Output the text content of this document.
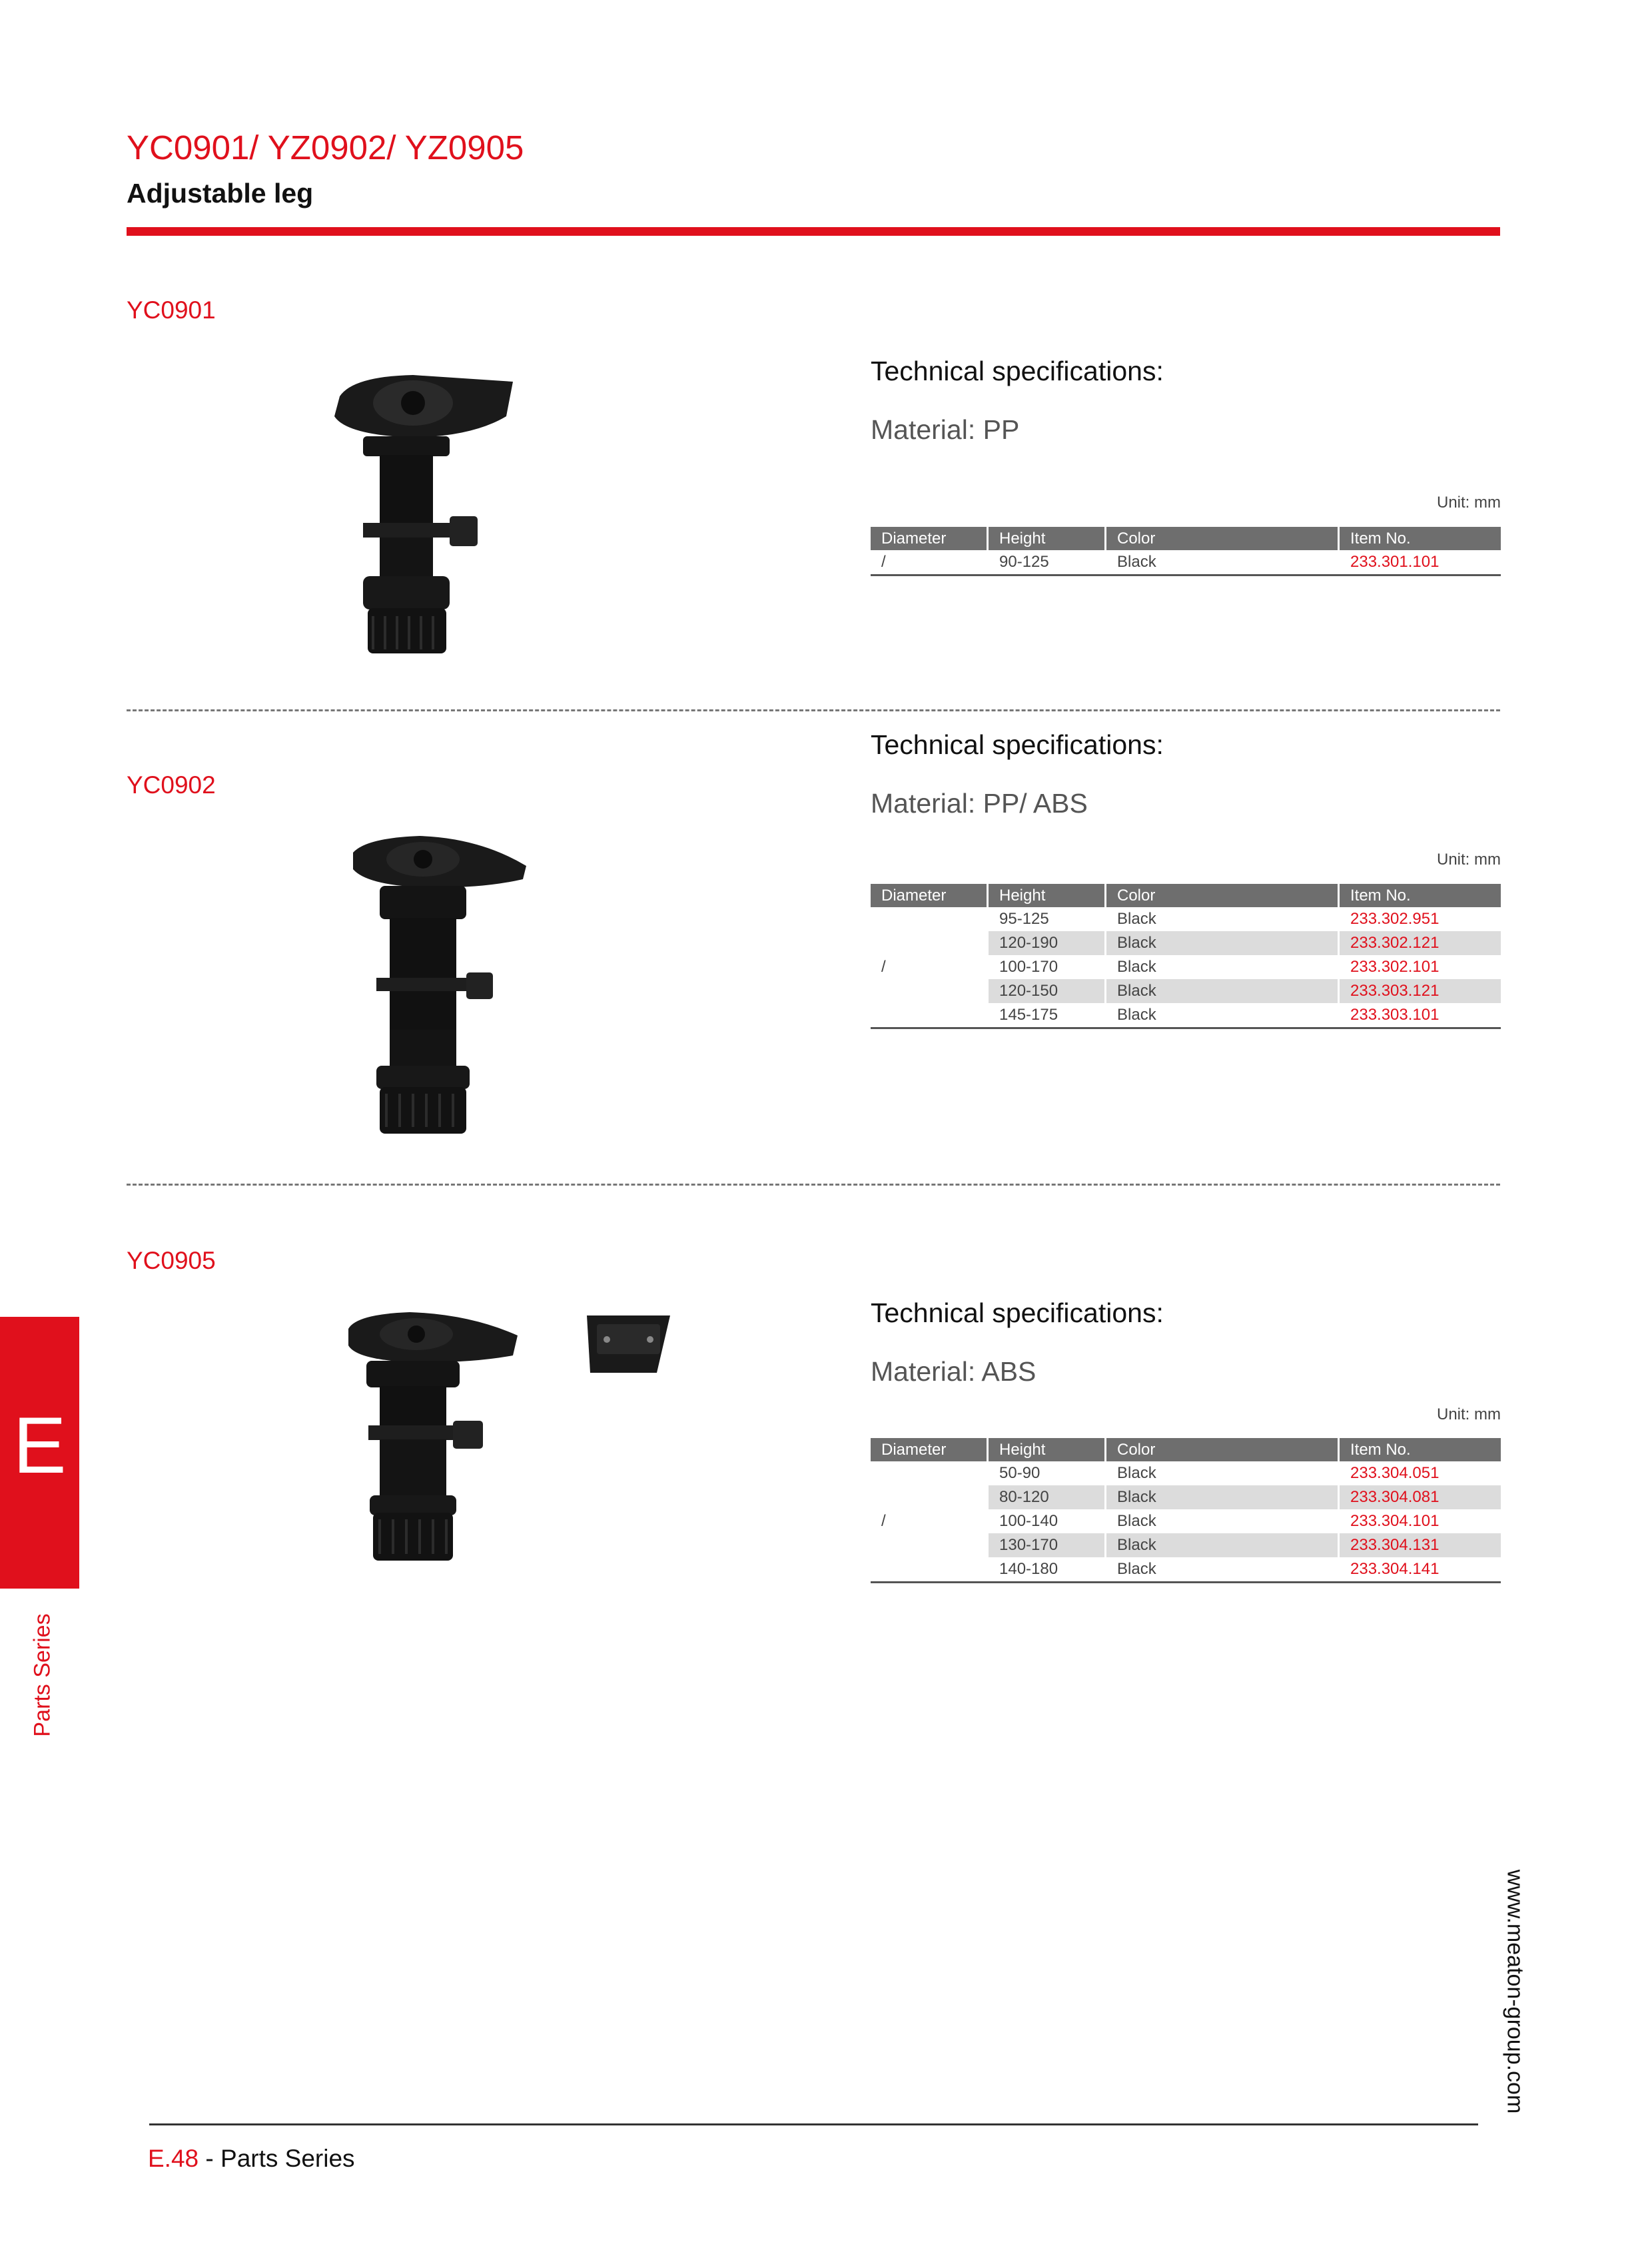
YC0901/ YZ0902/ YZ0905
Adjustable leg
YC0901
Technical specifications:
Material: PP
Unit: mm
Diameter	Height	Color	Item No.
/	90-125	Black	233.301.101
YC0902
Technical specifications:
Material: PP/ ABS
Unit: mm
Diameter	Height	Color	Item No.
/	95-125	Black	233.302.951
	120-190	Black	233.302.121
	100-170	Black	233.302.101
	120-150	Black	233.303.121
	145-175	Black	233.303.101
YC0905
Technical specifications:
Material: ABS
Unit: mm
Diameter	Height	Color	Item No.
/	50-90	Black	233.304.051
	80-120	Black	233.304.081
	100-140	Black	233.304.101
	130-170	Black	233.304.131
	140-180	Black	233.304.141
E
Parts Series
www.meaton-group.com
E.48 - Parts Series
